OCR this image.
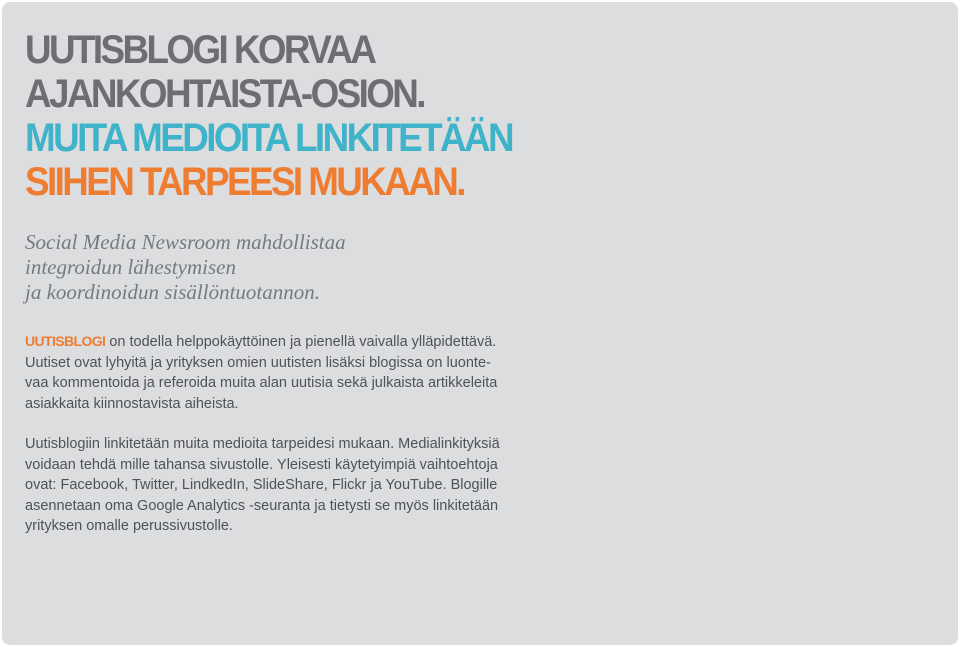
UUTISBLOGI KORVAA
AJANKOHTAISTA-OSION.
MUITA MEDIOITA LINKITETÄÄN
SIIHEN TARPEESI MUKAAN.

Social Media Newsroom mahdollistaa
integroidun lähestymisen
ja koordinoidun sisällöntuotannon.

UUTISBLOGI on todella helppokäyttöinen ja pienellä vaivalla ylläpidettävä.
Uutiset ovat lyhyitä ja yrityksen omien uutisten lisäksi blogissa on luonte-
vaa kommentoida ja referoida muita alan uutisia sekä julkaista artikkeleita
asiakkaita kiinnostavista aiheista.

Uutisblogiin linkitetään muita medioita tarpeidesi mukaan. Medialinkityksiä
voidaan tehdä mille tahansa sivustolle. Yleisesti käytetyimpiä vaihtoehtoja
ovat: Facebook, Twitter, LindkedIn, SlideShare, Flickr ja YouTube. Blogille
asennetaan oma Google Analytics -seuranta ja tietysti se myös linkitetään
yrityksen omalle perussivustolle.
